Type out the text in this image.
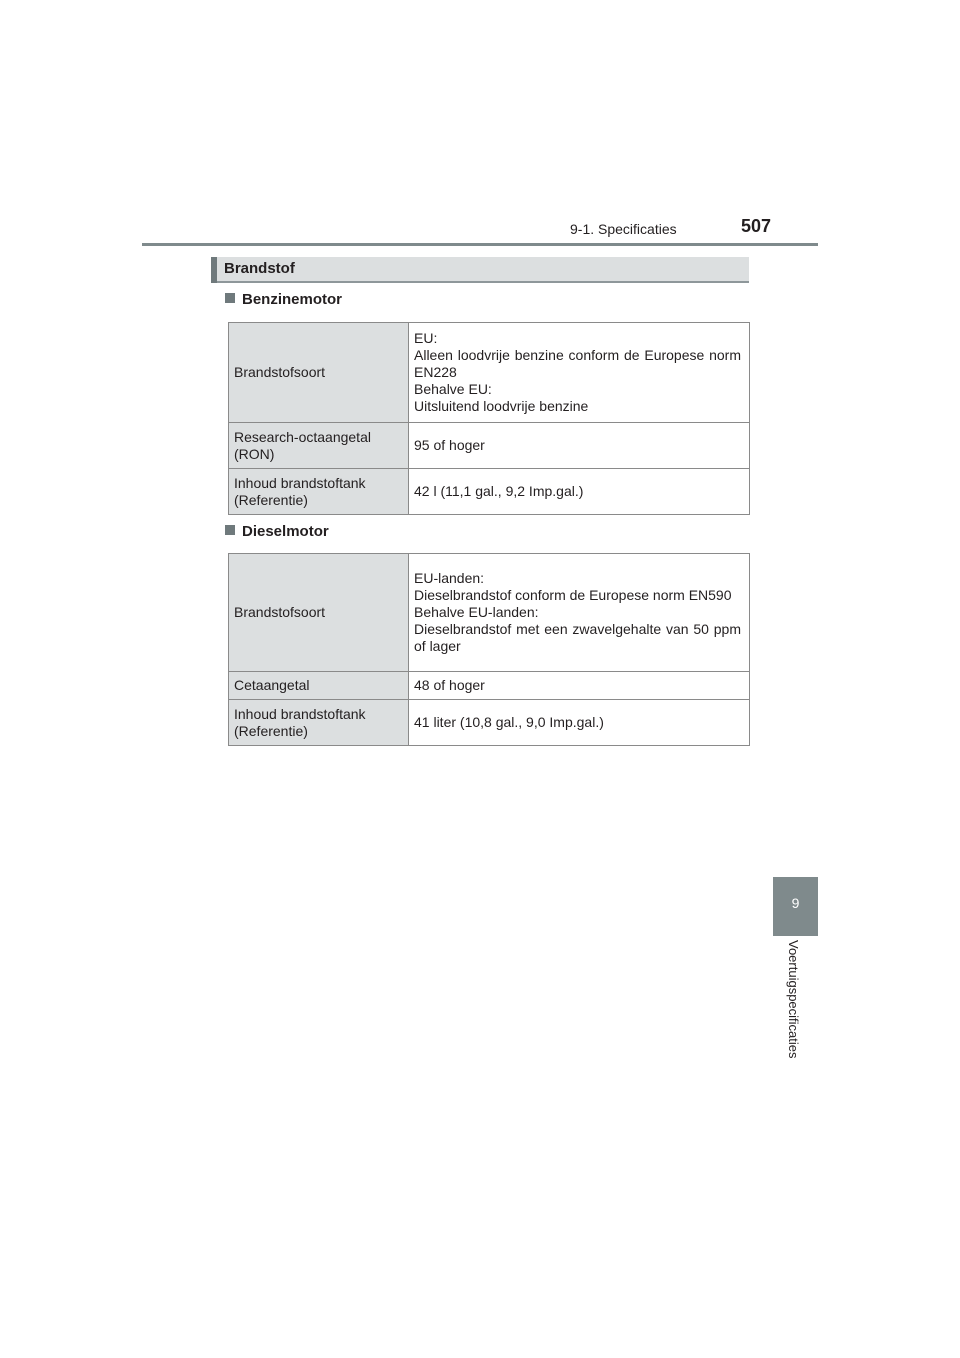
9-1. Specificaties	507
Brandstof
Benzinemotor
Brandstofsoort	EU:
Alleen loodvrije benzine conform de Europese norm EN228
Behalve EU:
Uitsluitend loodvrije benzine

Research-octaangetal
(RON)	95 of hoger

Inhoud brandstoftank
(Referentie)	42 l (11,1 gal., 9,2 Imp.gal.)
Dieselmotor
Brandstofsoort	EU-landen:
Dieselbrandstof conform de Europese norm EN590
Behalve EU-landen:
Dieselbrandstof met een zwavelgehalte van 50 ppm of lager

Cetaangetal	48 of hoger

Inhoud brandstoftank
(Referentie)	41 liter (10,8 gal., 9,0 Imp.gal.)
9
Voertuigspecificaties
